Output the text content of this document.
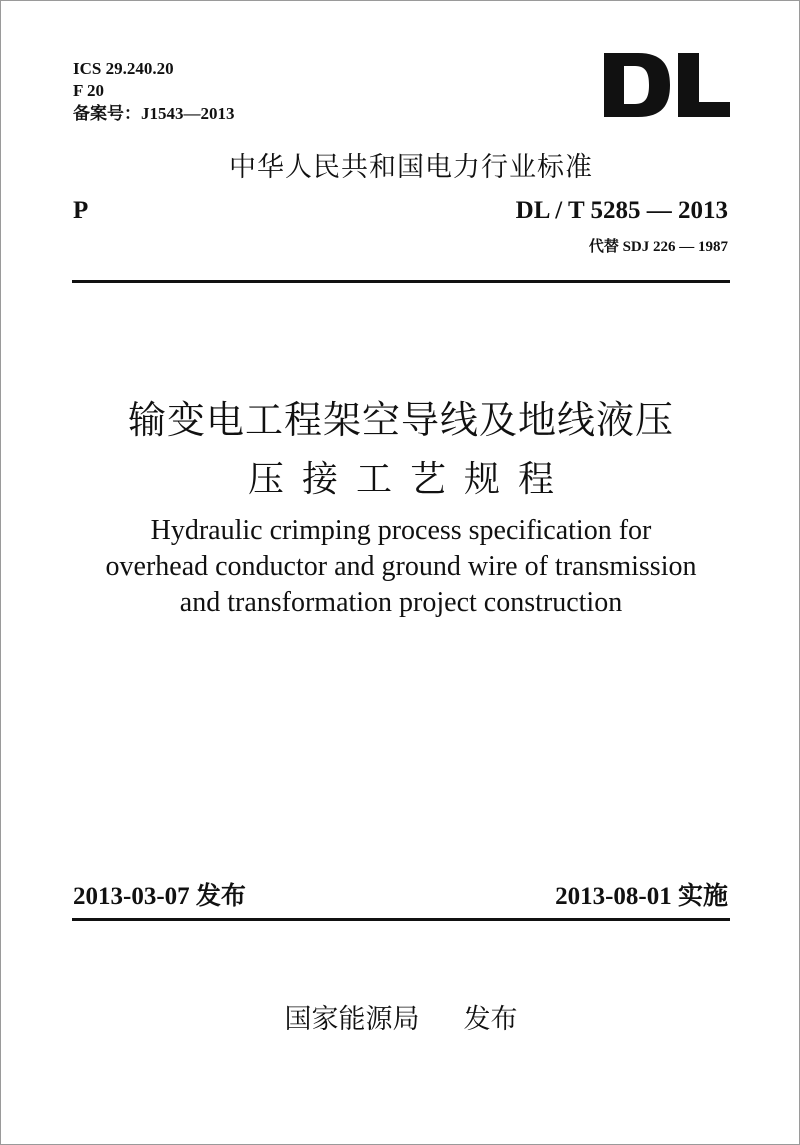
ICS 29.240.20
F 20
备案号：J1543—2013
中华人民共和国电力行业标准
P	DL / T 5285 — 2013
代替 SDJ 226 — 1987
输变电工程架空导线及地线液压
压接工艺规程
Hydraulic crimping process specification for
overhead conductor and ground wire of transmission
and transformation project construction
2013-03-07 发布	2013-08-01 实施
国家能源局 发布
